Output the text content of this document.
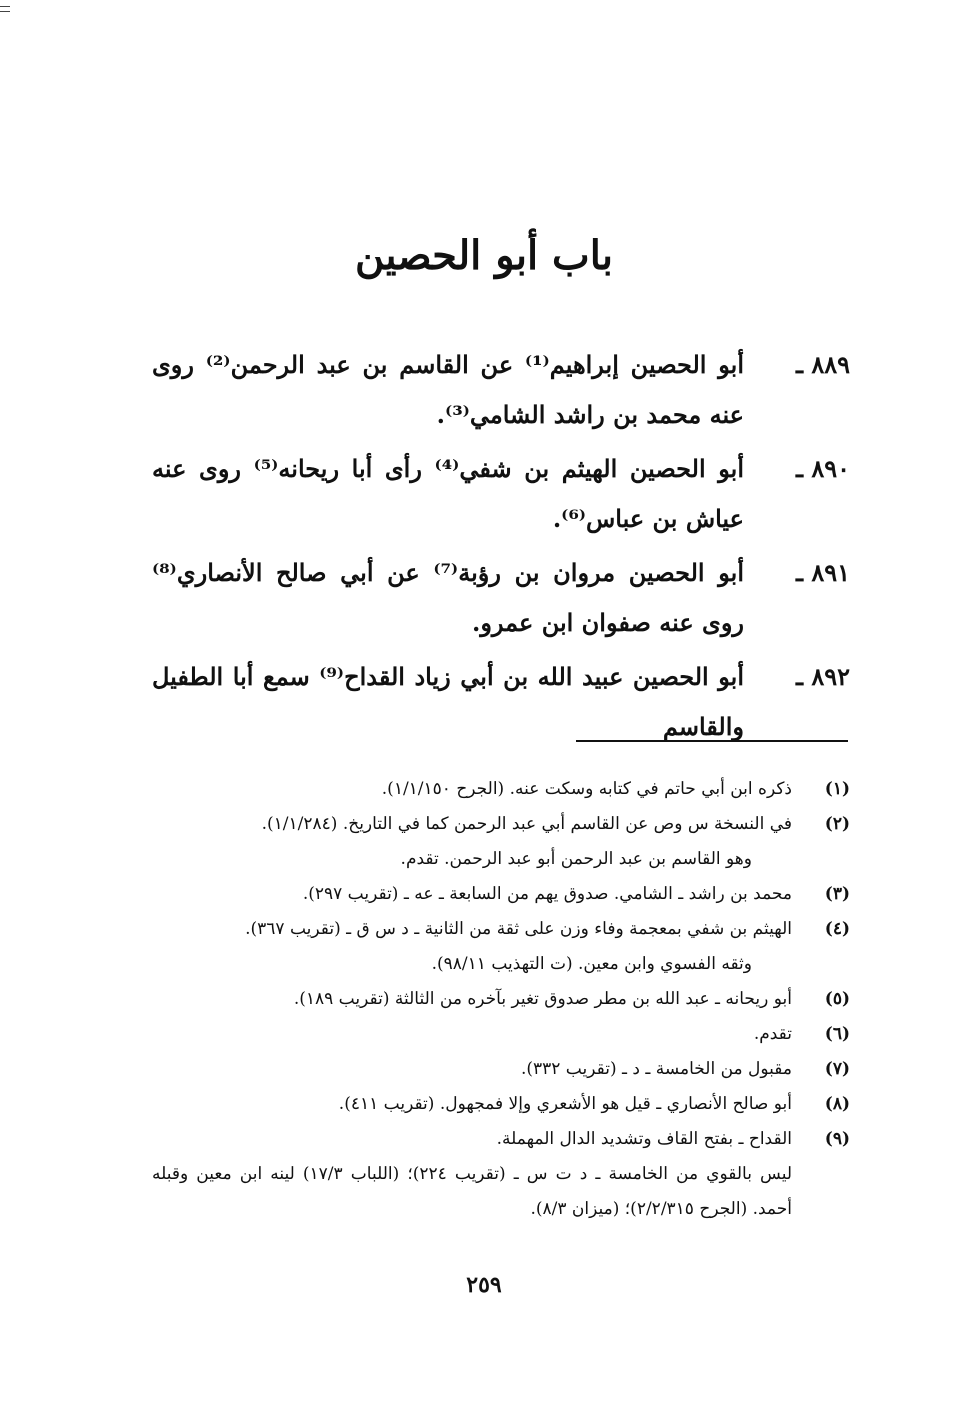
باب أبو الحصين
٨٨٩ ـ
أبو الحصين إبراهيم⁽¹⁾ عن القاسم بن عبد الرحمن⁽²⁾ روى عنه محمد بن راشد الشامي⁽³⁾.
٨٩٠ ـ
أبو الحصين الهيثم بن شفي⁽⁴⁾ رأى أبا ريحانه⁽⁵⁾ روى عنه عياش بن عباس⁽⁶⁾.
٨٩١ ـ
أبو الحصين مروان بن رؤبة⁽⁷⁾ عن أبي صالح الأنصاري⁽⁸⁾ روى عنه صفوان ابن عمرو.
٨٩٢ ـ
أبو الحصين عبيد الله بن أبي زياد القداح⁽⁹⁾ سمع أبا الطفيل والقاسم
(١)
ذكره ابن أبي حاتم في كتابه وسكت عنه. (الجرح ١/١/١٥٠).
(٢)
في النسخة س وص عن القاسم أبي عبد الرحمن كما في التاريخ. (١/١/٢٨٤).
وهو القاسم بن عبد الرحمن أبو عبد الرحمن. تقدم.
(٣)
محمد بن راشد ـ الشامي. صدوق يهم من السابعة ـ عه ـ (تقريب ٢٩٧).
(٤)
الهيثم بن شفي بمعجمة وفاء وزن على ثقة من الثانية ـ د س ق ـ (تقريب ٣٦٧).
وثقه الفسوي وابن معين. (ت التهذيب ٩٨/١١).
(٥)
أبو ريحانه ـ عبد الله بن مطر صدوق تغير بآخره من الثالثة (تقريب ١٨٩).
(٦)
تقدم.
(٧)
مقبول من الخامسة ـ د ـ (تقريب ٣٣٢).
(٨)
أبو صالح الأنصاري ـ قيل هو الأشعري وإلا فمجهول. (تقريب ٤١١).
(٩)
القداح ـ بفتح القاف وتشديد الدال المهملة.
ليس بالقوي من الخامسة ـ د ت س ـ (تقريب ٢٢٤)؛ (اللباب ١٧/٣) لينه ابن معين وقبله أحمد. (الجرح ٢/٢/٣١٥)؛ (ميزان ٨/٣).
٢٥٩
